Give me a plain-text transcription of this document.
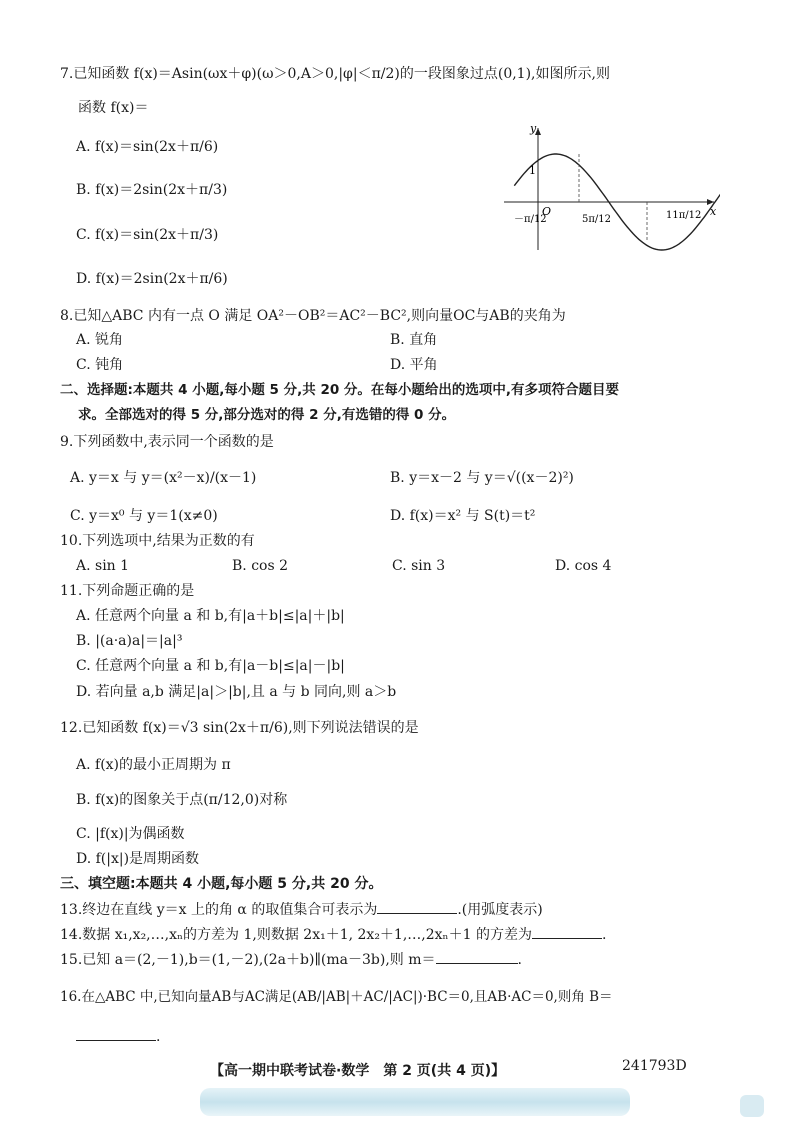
7.已知函数 f(x)＝Asin(ωx＋φ)(ω＞0,A＞0,|φ|＜π/2)的一段图象过点(0,1),如图所示,则
函数 f(x)＝
A. f(x)＝sin(2x＋π/6)
B. f(x)＝2sin(2x＋π/3)
C. f(x)＝sin(2x＋π/3)
D. f(x)＝2sin(2x＋π/6)
y
x
O
1
－π/12	5π/12	11π/12
8.已知△ABC 内有一点 O 满足 OA²－OB²＝AC²－BC²,则向量OC与AB的夹角为
A. 锐角	B. 直角
C. 钝角	D. 平角
二、选择题:本题共 4 小题,每小题 5 分,共 20 分。在每小题给出的选项中,有多项符合题目要
求。全部选对的得 5 分,部分选对的得 2 分,有选错的得 0 分。
9.下列函数中,表示同一个函数的是
A. y＝x 与 y＝(x²－x)/(x－1)	B. y＝x－2 与 y＝√((x－2)²)
C. y＝x⁰ 与 y＝1(x≠0)	D. f(x)＝x² 与 S(t)＝t²
10.下列选项中,结果为正数的有
A. sin 1	B. cos 2	C. sin 3	D. cos 4
11.下列命题正确的是
A. 任意两个向量 a 和 b,有|a＋b|≤|a|＋|b|
B. |(a·a)a|＝|a|³
C. 任意两个向量 a 和 b,有|a－b|≤|a|－|b|
D. 若向量 a,b 满足|a|＞|b|,且 a 与 b 同向,则 a＞b
12.已知函数 f(x)＝√3 sin(2x＋π/6),则下列说法错误的是
A. f(x)的最小正周期为 π
B. f(x)的图象关于点(π/12,0)对称
C. |f(x)|为偶函数
D. f(|x|)是周期函数
三、填空题:本题共 4 小题,每小题 5 分,共 20 分。
13.终边在直线 y＝x 上的角 α 的取值集合可表示为	.(用弧度表示)
14.数据 x₁,x₂,…,xₙ的方差为 1,则数据 2x₁＋1, 2x₂＋1,…,2xₙ＋1 的方差为	.
15.已知 a＝(2,－1),b＝(1,－2),(2a＋b)∥(ma－3b),则 m＝	.
16.在△ABC 中,已知向量AB与AC满足(AB/|AB|＋AC/|AC|)·BC＝0,且AB·AC＝0,则角 B＝
.
【高一期中联考试卷·数学　第 2 页(共 4 页)】	241793D
